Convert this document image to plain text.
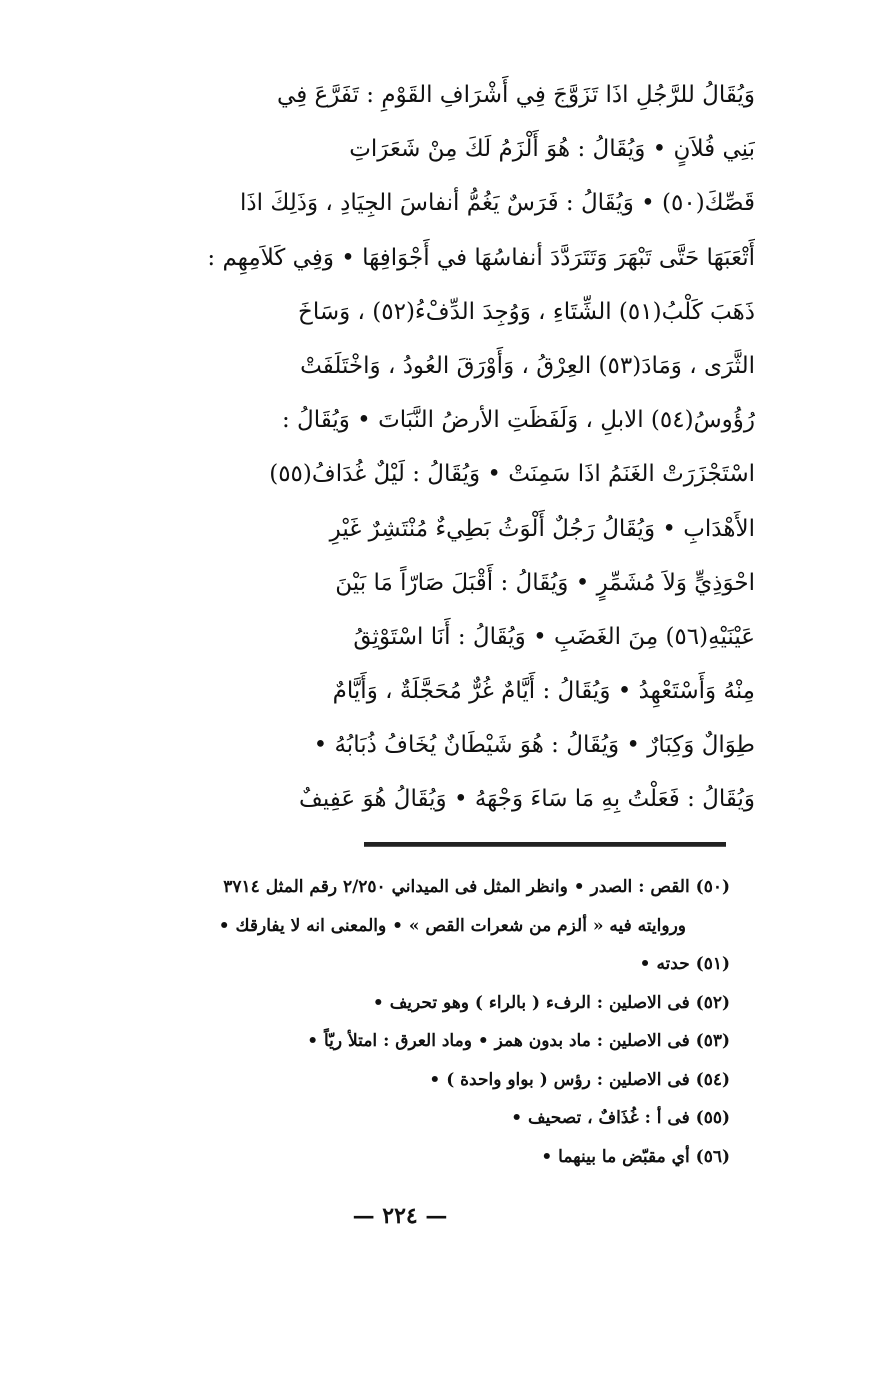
وَيُقَالُ للرَّجُلِ اذَا تَزَوَّجَ فِي أَشْرَافِ القَوْمِ : تَفَرَّعَ فِي
بَنِي فُلاَنٍ • وَيُقَالُ : هُوَ أَلْزَمُ لَكَ مِنْ شَعَرَاتِ
قَصِّكَ(٥٠) • وَيُقَالُ : فَرَسٌ يَغُمُّ أنفاسَ الجِيَادِ ، وَذَلِكَ اذَا
أَتْعَبَهَا حَتَّى تَبْهَرَ وَتَتَرَدَّدَ أنفاسُهَا في أَجْوَافِهَا • وَفِي كَلاَمِهِم :
ذَهَبَ كَلْبُ(٥١) الشِّتَاءِ ، وَوُجِدَ الدِّفْءُ(٥٢) ، وَسَاخَ
الثَّرَى ، وَمَادَ(٥٣) العِرْقُ ، وَأَوْرَقَ العُودُ ، وَاخْتَلَفَتْ
رُؤُوسُ(٥٤) الابلِ ، وَلَفَظَتِ الأرضُ النَّبَاتَ • وَيُقَالُ :
اسْتَجْزَرَتْ الغَنَمُ اذَا سَمِنَتْ • وَيُقَالُ : لَيْلٌ غُدَافُ(٥٥)
الأَهْدَابِ • وَيُقَالُ رَجُلٌ أَلْوَثُ بَطِيءٌ مُنْتَشِرٌ غَيْرِ
احْوَذِيٍّ وَلاَ مُشَمِّرٍ • وَيُقَالُ : أَقْبَلَ صَارّاً مَا بَيْنَ
عَيْنَيْهِ(٥٦) مِنَ الغَضَبِ • وَيُقَالُ : أَنَا اسْتَوْثِقُ
مِنْهُ وَأَسْتَعْهِدُ • وَيُقَالُ : أَيَّامٌ غُرٌّ مُحَجَّلَةٌ ، وَأَيَّامٌ
طِوَالٌ وَكِبَارٌ • وَيُقَالُ : هُوَ شَيْطَانٌ يُخَافُ ذُبَابُهُ •
وَيُقَالُ : فَعَلْتُ بِهِ مَا سَاءَ وَجْهَهُ • وَيُقَالُ هُوَ عَفِيفٌ
(٥٠) القص : الصدر • وانظر المثل فى الميداني ٢/٢٥٠ رقم المثل ٣٧١٤
وروايته فيه « ألزم من شعرات القص » • والمعنى انه لا يفارقك •
(٥١) حدته •
(٥٢) فى الاصلين : الرفء ( بالراء ) وهو تحريف •
(٥٣) فى الاصلين : ماد بدون همز • وماد العرق : امتلأ ريّاً •
(٥٤) فى الاصلين : رؤس ( بواو واحدة ) •
(٥٥) فى أ : غُذَافٌ ، تصحيف •
(٥٦) أي مقبّض ما بينهما •
— ٢٢٤ —
